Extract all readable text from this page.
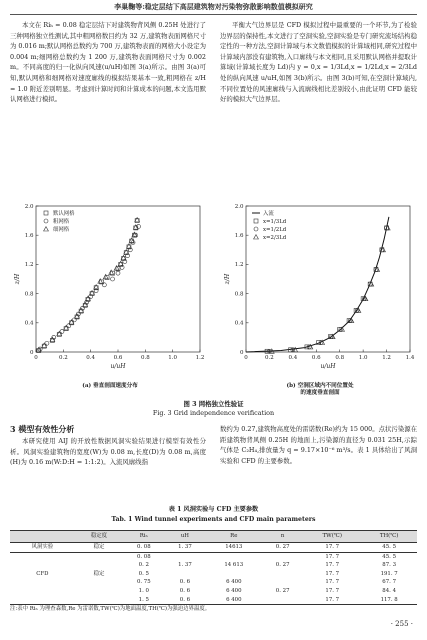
李巢鞠等:稳定层结下高层建筑物对污染物弥散影响数值模拟研究

本文在 Riₕ = 0.08 稳定层结下对建筑物背风侧 0.25H 处进行了三种网格独立性测试,其中粗网格数目约为 32 万,建筑物表面网格尺寸为 0.016 m;默认网格总数约为 700 万,建筑物表面的网格大小设定为 0.004 m;细网格总数约为 1 200 万,建筑物表面网格尺寸为 0.002 m。不同高度的归一化纵向风速(u/uH)如图 3(a)所示。由图 3(a)可知,默认网格和细网格对速度廓线的模拟结果基本一致,粗网格在 z/H = 1.0 附近差别明显。考虑到计算时间和计算成本的问题,本文选用默认网格进行模拟。

平衡大气边界层是 CFD 模拟过程中最重要的一个环节,为了检验边界层的保持性,本文进行了空洞实验,空洞实验是专门研究流场结构稳定性的一种方法,空洞计算域与本文数值模拟的计算域相同,研究过程中计算域内部没有建筑物,入口廓线与本文相同,且采用默认网格并提取计算域(计算域长度为 Ld)内 y = 0,x = 1/3Ld,x = 1/2Ld,x = 2/3Ld 处的纵向风速 u/uH,如图 3(b)所示。由图 3(b)可知,在空洞计算域内,不同位置处的风速廓线与入流廓线相比差别较小,由此证明 CFD 能较好的模拟大气边界层。

0	0.2	0.4	0.6	0.8	1.0	1.2
0
0.4
0.8
1.2
1.6
2.0
u/uH
z/H
默认网格
粗网格
细网格
0	0.2	0.4	0.6	0.8	1.0	1.2	1.4
0
0.4
0.8
1.2
1.6
2.0
u/uH
z/H
入流
x=1/3Ld
x=1/2Ld
x=2/3Ld
(a) 垂直剖面速度分布	(b) 空洞区域内不同位置处
的速度垂直剖面
图 3 网格独立性验证
Fig. 3 Grid independence verification
3 模型有效性分析

本研究使用 AIJ 的开放性数据风洞实验结果进行模型有效性分析。风洞实验建筑物的宽度(W)为 0.08 m,长度(D)为 0.08 m,高度(H)为 0.16 m(W:D:H = 1:1:2)。入流风廓线指

数约为 0.27,建筑物高度处的雷诺数(Re)约为 15 000。点状污染源在距建筑物背风侧 0.25H 的地面上,污染源的直径为 0.031 25H,示踪气体是 C₂H₄,排放量为 q = 9.17×10⁻⁶ m³/s。表 1 具体给出了风洞实验和 CFD 的主要参数。

表 1 风洞实验与 CFD 主要参数
Tab. 1 Wind tunnel experiments and CFD main parameters
	稳定度	Riₕ	uH	Re	n	TW(℃)	TH(℃)
风洞实验	稳定	0. 08	1. 37	14613	0. 27	17. 7	45. 5
		0. 08				17. 7	45. 5
		0. 2	1. 37	14 613	0. 27	17. 7	87. 3
CFD	稳定	0. 5				17. 7	191. 7
		0. 75	0. 6	6 400		17. 7	67. 7
		1. 0	0. 6	6 400	0. 27	17. 7	84. 4
		1. 5	0. 6	6 400		17. 7	117. 8
注:表中 Riₕ 为理查森数,Re 为雷诺数,TW(℃)为地面温度,TH(℃)为强迫边界温度。
· 255 ·
